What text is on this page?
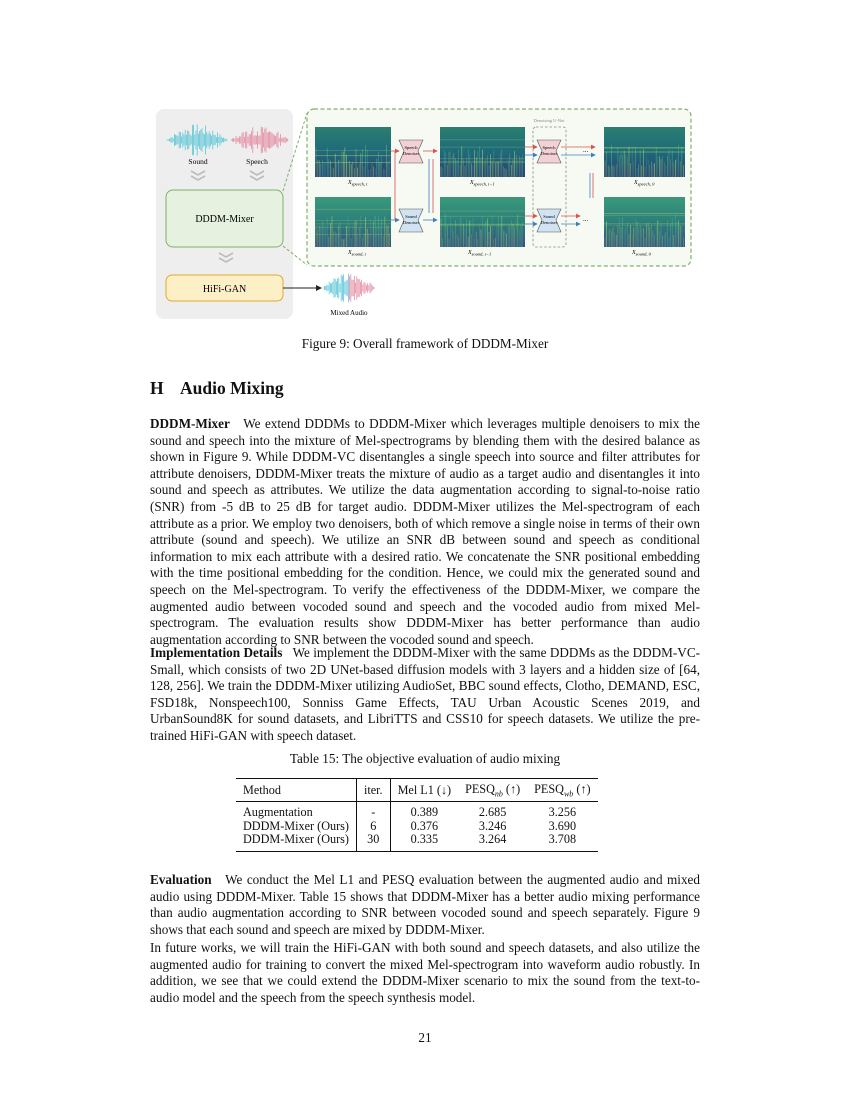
Sound	Speech
DDDM-Mixer
HiFi-GAN
Mixed Audio
Denoising U-Net
Speech
Denoiser
Speech
Denoiser
Sound
Denoiser
Sound
Denoiser
...
...
$X_{speech, t}$	$X_{speech, t-1}$	$X_{speech, 0}$
$X_{sound, t}$	$X_{sound, t-1}$	$X_{sound, 0}$
Figure 9: Overall framework of DDDM-Mixer
H Audio Mixing

DDDM-Mixer We extend DDDMs to DDDM-Mixer which leverages multiple denoisers to mix the sound and speech into the mixture of Mel-spectrograms by blending them with the desired balance as shown in Figure 9. While DDDM-VC disentangles a single speech into source and filter attributes for attribute denoisers, DDDM-Mixer treats the mixture of audio as a target audio and disentangles it into sound and speech as attributes. We utilize the data augmentation according to signal-to-noise ratio (SNR) from -5 dB to 25 dB for target audio. DDDM-Mixer utilizes the Mel-spectrogram of each attribute as a prior. We employ two denoisers, both of which remove a single noise in terms of their own attribute (sound and speech). We utilize an SNR dB between sound and speech as conditional information to mix each attribute with a desired ratio. We concatenate the SNR positional embedding with the time positional embedding for the condition. Hence, we could mix the generated sound and speech on the Mel-spectrogram. To verify the effectiveness of the DDDM-Mixer, we compare the augmented audio between vocoded sound and speech and the vocoded audio from mixed Mel-spectrogram. The evaluation results show DDDM-Mixer has better performance than audio augmentation according to SNR between the vocoded sound and speech.

Implementation Details We implement the DDDM-Mixer with the same DDDMs as the DDDM-VC-Small, which consists of two 2D UNet-based diffusion models with 3 layers and a hidden size of [64, 128, 256]. We train the DDDM-Mixer utilizing AudioSet, BBC sound effects, Clotho, DEMAND, ESC, FSD18k, Nonspeech100, Sonniss Game Effects, TAU Urban Acoustic Scenes 2019, and UrbanSound8K for sound datasets, and LibriTTS and CSS10 for speech datasets. We utilize the pre-trained HiFi-GAN with speech dataset.

Table 15: The objective evaluation of audio mixing
Method	iter.	Mel L1 (↓)	$PESQ_{nb}$ (↑)	$PESQ_{wb}$ (↑)
Augmentation	-	0.389	2.685	3.256
DDDM-Mixer (Ours)	6	0.376	3.246	3.690
DDDM-Mixer (Ours)	30	0.335	3.264	3.708

Evaluation We conduct the Mel L1 and PESQ evaluation between the augmented audio and mixed audio using DDDM-Mixer. Table 15 shows that DDDM-Mixer has a better audio mixing performance than audio augmentation according to SNR between vocoded sound and speech separately. Figure 9 shows that each sound and speech are mixed by DDDM-Mixer.

In future works, we will train the HiFi-GAN with both sound and speech datasets, and also utilize the augmented audio for training to convert the mixed Mel-spectrogram into waveform audio robustly. In addition, we see that we could extend the DDDM-Mixer scenario to mix the sound from the text-to-audio model and the speech from the speech synthesis model.

21
